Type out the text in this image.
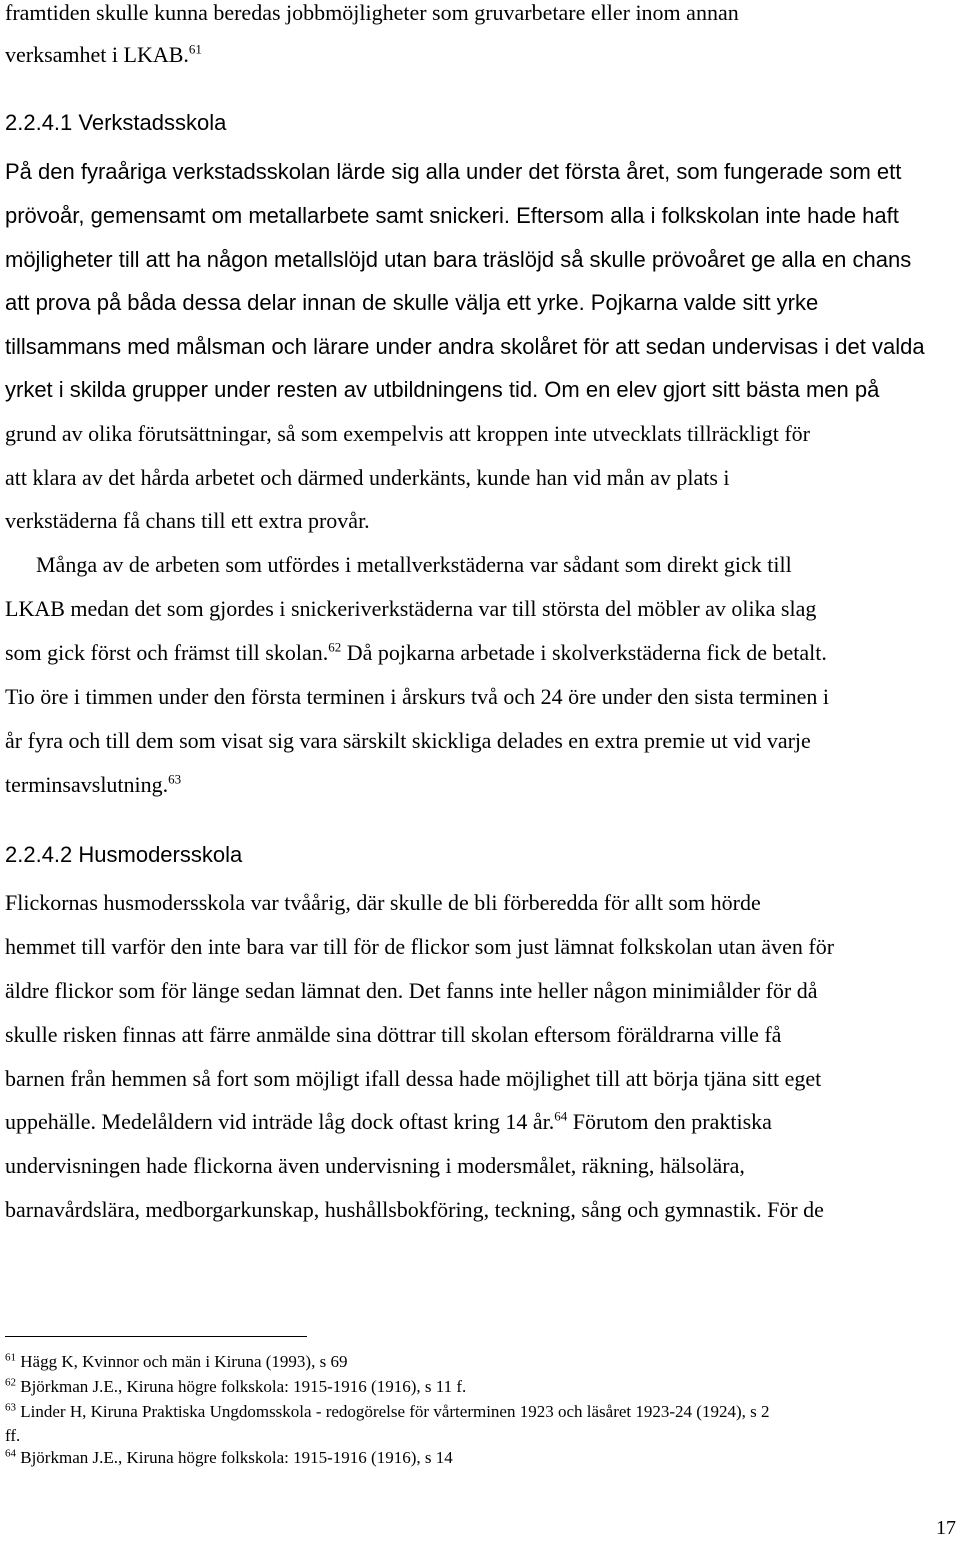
framtiden skulle kunna beredas jobbmöjligheter som gruvarbetare eller inom annan
verksamhet i LKAB.$^{61}$
2.2.4.1 Verkstadsskola
På den fyraåriga verkstadsskolan lärde sig alla under det första året, som fungerade som ett
prövoår, gemensamt om metallarbete samt snickeri. Eftersom alla i folkskolan inte hade haft
möjligheter till att ha någon metallslöjd utan bara träslöjd så skulle prövoåret ge alla en chans
att prova på båda dessa delar innan de skulle välja ett yrke. Pojkarna valde sitt yrke
tillsammans med målsman och lärare under andra skolåret för att sedan undervisas i det valda
yrket i skilda grupper under resten av utbildningens tid. Om en elev gjort sitt bästa men på
grund av olika förutsättningar, så som exempelvis att kroppen inte utvecklats tillräckligt för
att klara av det hårda arbetet och därmed underkänts, kunde han vid mån av plats i
verkstäderna få chans till ett extra provår.
Många av de arbeten som utfördes i metallverkstäderna var sådant som direkt gick till
LKAB medan det som gjordes i snickeriverkstäderna var till största del möbler av olika slag
som gick först och främst till skolan.$^{62}$ Då pojkarna arbetade i skolverkstäderna fick de betalt.
Tio öre i timmen under den första terminen i årskurs två och 24 öre under den sista terminen i
år fyra och till dem som visat sig vara särskilt skickliga delades en extra premie ut vid varje
terminsavslutning.$^{63}$
2.2.4.2 Husmodersskola
Flickornas husmodersskola var tvåårig, där skulle de bli förberedda för allt som hörde
hemmet till varför den inte bara var till för de flickor som just lämnat folkskolan utan även för
äldre flickor som för länge sedan lämnat den. Det fanns inte heller någon minimiålder för då
skulle risken finnas att färre anmälde sina döttrar till skolan eftersom föräldrarna ville få
barnen från hemmen så fort som möjligt ifall dessa hade möjlighet till att börja tjäna sitt eget
uppehälle. Medelåldern vid inträde låg dock oftast kring 14 år.$^{64}$ Förutom den praktiska
undervisningen hade flickorna även undervisning i modersmålet, räkning, hälsolära,
barnavårdslära, medborgarkunskap, hushållsbokföring, teckning, sång och gymnastik. För de
$^{61}$ Hägg K, Kvinnor och män i Kiruna (1993), s 69
$^{62}$ Björkman J.E., Kiruna högre folkskola: 1915-1916 (1916), s 11 f.
$^{63}$ Linder H, Kiruna Praktiska Ungdomsskola - redogörelse för vårterminen 1923 och läsåret 1923-24 (1924), s 2
ff.
$^{64}$ Björkman J.E., Kiruna högre folkskola: 1915-1916 (1916), s 14
17
